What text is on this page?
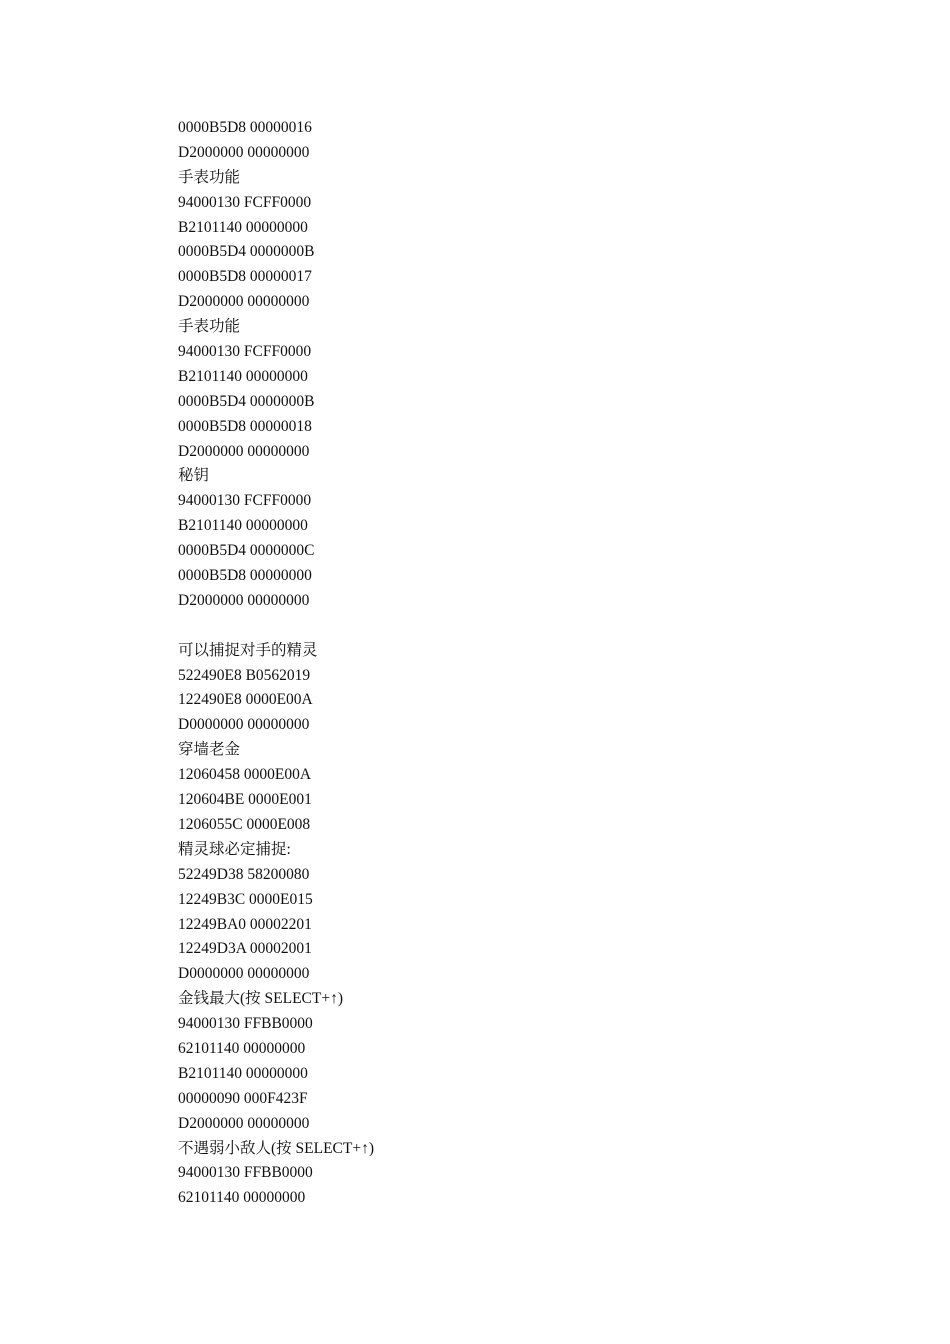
0000B5D8 00000016
D2000000 00000000
手表功能
94000130 FCFF0000
B2101140 00000000
0000B5D4 0000000B
0000B5D8 00000017
D2000000 00000000
手表功能
94000130 FCFF0000
B2101140 00000000
0000B5D4 0000000B
0000B5D8 00000018
D2000000 00000000
秘钥
94000130 FCFF0000
B2101140 00000000
0000B5D4 0000000C
0000B5D8 00000000
D2000000 00000000
可以捕捉对手的精灵
522490E8 B0562019
122490E8 0000E00A
D0000000 00000000
穿墙老金
12060458 0000E00A
120604BE 0000E001
1206055C 0000E008
精灵球必定捕捉:
52249D38 58200080
12249B3C 0000E015
12249BA0 00002201
12249D3A 00002001
D0000000 00000000
金钱最大(按 SELECT+↑)
94000130 FFBB0000
62101140 00000000
B2101140 00000000
00000090 000F423F
D2000000 00000000
不遇弱小敌人(按 SELECT+↑)
94000130 FFBB0000
62101140 00000000
